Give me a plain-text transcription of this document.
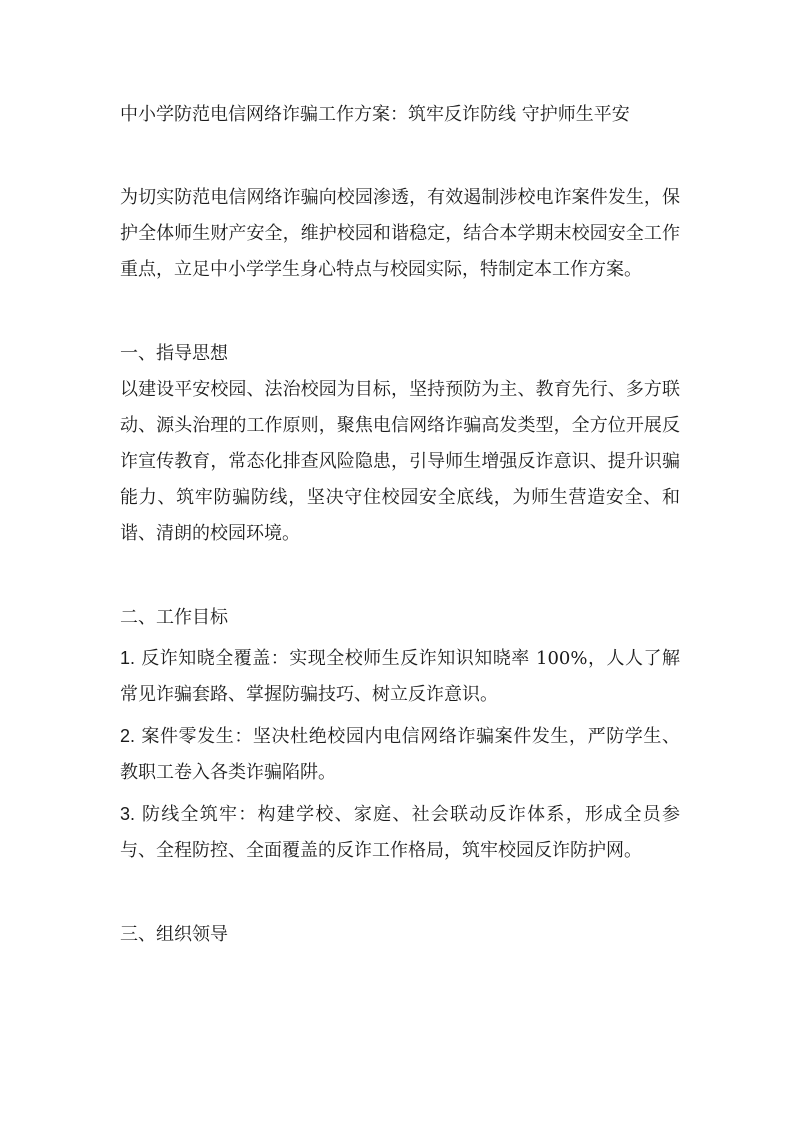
中小学防范电信网络诈骗工作方案：筑牢反诈防线 守护师生平安

为切实防范电信网络诈骗向校园渗透，有效遏制涉校电诈案件发生，保护全体师生财产安全，维护校园和谐稳定，结合本学期末校园安全工作重点，立足中小学学生身心特点与校园实际，特制定本工作方案。

一、指导思想

以建设平安校园、法治校园为目标，坚持预防为主、教育先行、多方联动、源头治理的工作原则，聚焦电信网络诈骗高发类型，全方位开展反诈宣传教育，常态化排查风险隐患，引导师生增强反诈意识、提升识骗能力、筑牢防骗防线，坚决守住校园安全底线，为师生营造安全、和谐、清朗的校园环境。

二、工作目标

1. 反诈知晓全覆盖：实现全校师生反诈知识知晓率 100%，人人了解常见诈骗套路、掌握防骗技巧、树立反诈意识。

2. 案件零发生：坚决杜绝校园内电信网络诈骗案件发生，严防学生、教职工卷入各类诈骗陷阱。

3. 防线全筑牢：构建学校、家庭、社会联动反诈体系，形成全员参与、全程防控、全面覆盖的反诈工作格局，筑牢校园反诈防护网。

三、组织领导
